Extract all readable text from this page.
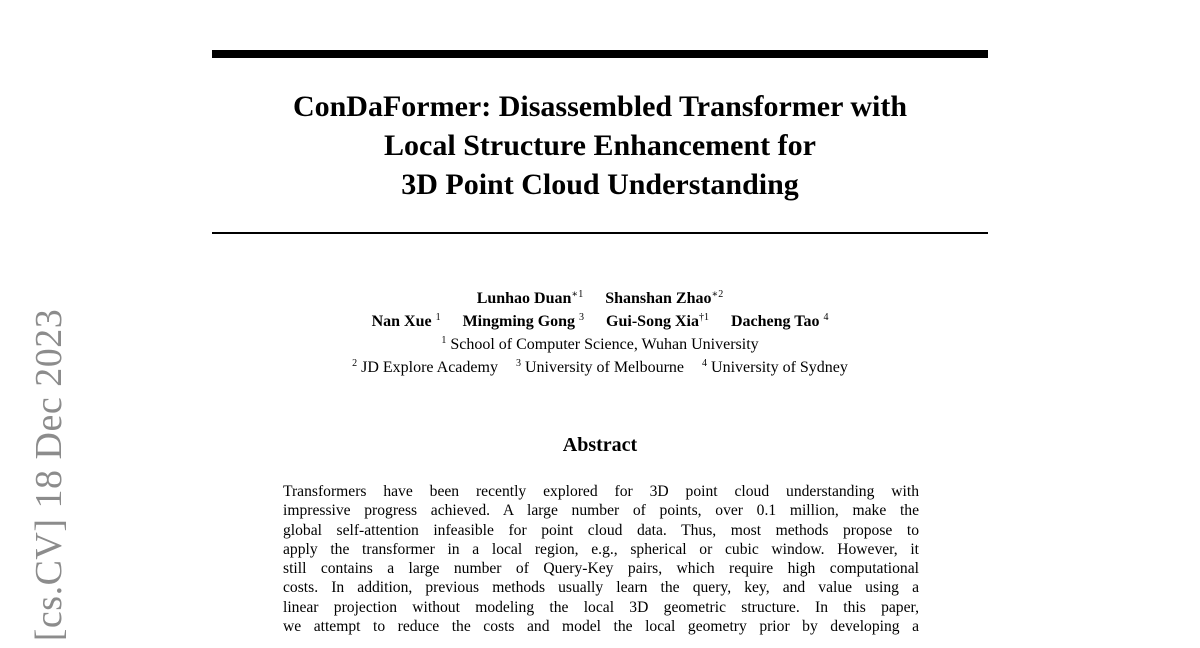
[cs.CV] 18 Dec 2023
ConDaFormer: Disassembled Transformer with
Local Structure Enhancement for
3D Point Cloud Understanding
Lunhao Duan$^{∗1}$ Shanshan Zhao$^{∗2}$
Nan Xue $^1$ Mingming Gong $^3$ Gui-Song Xia$^{\dagger 1}$ Dacheng Tao $^4$
$^1$ School of Computer Science, Wuhan University
$^2$ JD Explore Academy $^3$ University of Melbourne $^4$ University of Sydney
Abstract
Transformers have been recently explored for 3D point cloud understanding with
impressive progress achieved. A large number of points, over 0.1 million, make the
global self-attention infeasible for point cloud data. Thus, most methods propose to
apply the transformer in a local region, e.g., spherical or cubic window. However, it
still contains a large number of Query-Key pairs, which require high computational
costs. In addition, previous methods usually learn the query, key, and value using a
linear projection without modeling the local 3D geometric structure. In this paper,
we attempt to reduce the costs and model the local geometry prior by developing a
